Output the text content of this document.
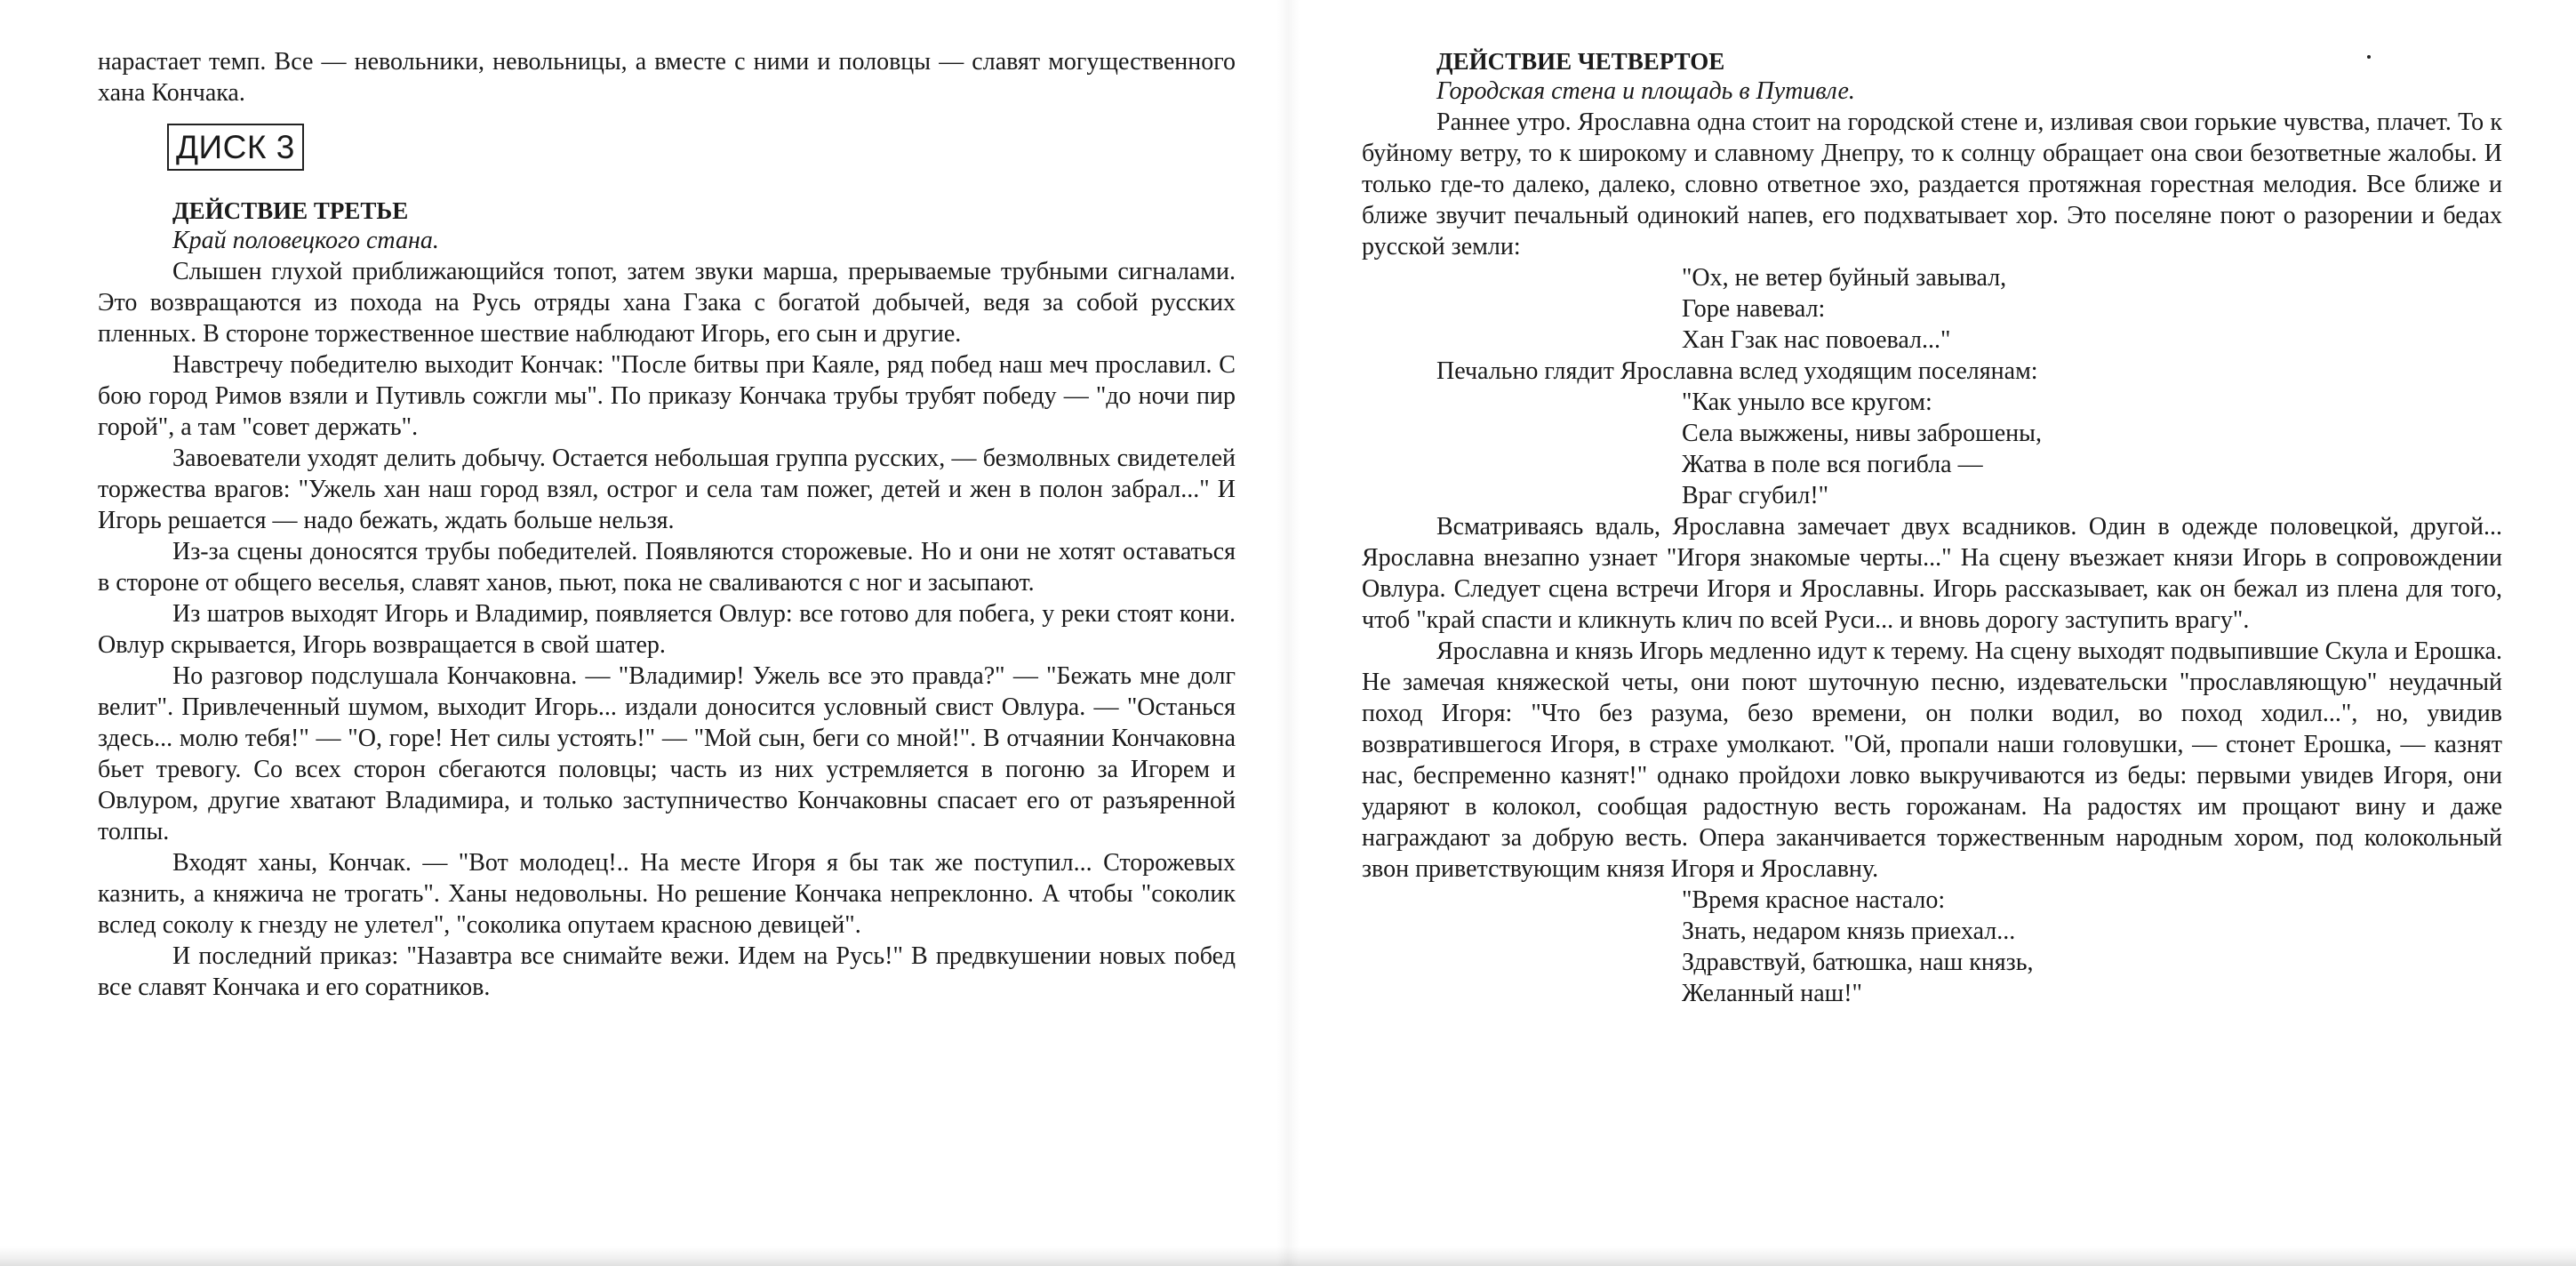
нарастает темп. Все — невольники, невольницы, а вместе с ними и половцы — славят могущественного хана Кончака.

ДИСК 3

ДЕЙСТВИЕ ТРЕТЬЕ

Край половецкого стана.

Слышен глухой приближающийся топот, затем звуки марша, прерываемые трубными сигналами. Это возвращаются из похода на Русь отряды хана Гзака с богатой добычей, ведя за собой русских пленных. В стороне торжественное шествие наблюдают Игорь, его сын и другие.

Навстречу победителю выходит Кончак: "После битвы при Каяле, ряд побед наш меч прославил. С бою город Римов взяли и Путивль сожгли мы". По приказу Кончака трубы трубят победу — "до ночи пир горой", а там "совет держать".

Завоеватели уходят делить добычу. Остается небольшая группа русских, — безмолвных свидетелей торжества врагов: "Ужель хан наш город взял, острог и села там пожег, детей и жен в полон забрал..." И Игорь решается — надо бежать, ждать больше нельзя.

Из-за сцены доносятся трубы победителей. Появляются сторожевые. Но и они не хотят оставаться в стороне от общего веселья, славят ханов, пьют, пока не сваливаются с ног и засыпают.

Из шатров выходят Игорь и Владимир, появляется Овлур: все готово для побега, у реки стоят кони. Овлур скрывается, Игорь возвращается в свой шатер.

Но разговор подслушала Кончаковна. — "Владимир! Ужель все это правда?" — "Бежать мне долг велит". Привлеченный шумом, выходит Игорь... издали доносится условный свист Овлура. — "Останься здесь... молю тебя!" — "О, горе! Нет силы устоять!" — "Мой сын, беги со мной!". В отчаянии Кончаковна бьет тревогу. Со всех сторон сбегаются половцы; часть из них устремляется в погоню за Игорем и Овлуром, другие хватают Владимира, и только заступничество Кончаковны спасает его от разъяренной толпы.

Входят ханы, Кончак. — "Вот молодец!.. На месте Игоря я бы так же поступил... Сторожевых казнить, а княжича не трогать". Ханы недовольны. Но решение Кончака непреклонно. А чтобы "соколик вслед соколу к гнезду не улетел", "соколика опутаем красною девицей".

И последний приказ: "Назавтра все снимайте вежи. Идем на Русь!" В предвкушении новых побед все славят Кончака и его соратников.

ДЕЙСТВИЕ ЧЕТВЕРТОЕ

Городская стена и площадь в Путивле.

Раннее утро. Ярославна одна стоит на городской стене и, изливая свои горькие чувства, плачет. То к буйному ветру, то к широкому и славному Днепру, то к солнцу обращает она свои безответные жалобы. И только где-то далеко, далеко, словно ответное эхо, раздается протяжная горестная мелодия. Все ближе и ближе звучит печальный одинокий напев, его подхватывает хор. Это поселяне поют о разорении и бедах русской земли:

"Ох, не ветер буйный завывал,
Горе навевал:
Хан Гзак нас повоевал..."

Печально глядит Ярославна вслед уходящим поселянам:

"Как уныло все кругом:
Села выжжены, нивы заброшены,
Жатва в поле вся погибла —
Враг сгубил!"

Всматриваясь вдаль, Ярославна замечает двух всадников. Один в одежде половецкой, другой... Ярославна внезапно узнает "Игоря знакомые черты..." На сцену въезжает князи Игорь в сопровождении Овлура. Следует сцена встречи Игоря и Ярославны. Игорь рассказывает, как он бежал из плена для того, чтоб "край спасти и кликнуть клич по всей Руси... и вновь дорогу заступить врагу".

Ярославна и князь Игорь медленно идут к терему. На сцену выходят подвыпившие Скула и Ерошка. Не замечая княжеской четы, они поют шуточную песню, издевательски "прославляющую" неудачный поход Игоря: "Что без разума, безо времени, он полки водил, во поход ходил...", но, увидив возвратившегося Игоря, в страхе умолкают. "Ой, пропали наши головушки, — стонет Ерошка, — казнят нас, беспременно казнят!" однако пройдохи ловко выкручиваются из беды: первыми увидев Игоря, они ударяют в колокол, сообщая радостную весть горожанам. На радостях им прощают вину и даже награждают за добрую весть. Опера заканчивается торжественным народным хором, под колокольный звон приветствующим князя Игоря и Ярославну.

"Время красное настало:
Знать, недаром князь приехал...
Здравствуй, батюшка, наш князь,
Желанный наш!"
